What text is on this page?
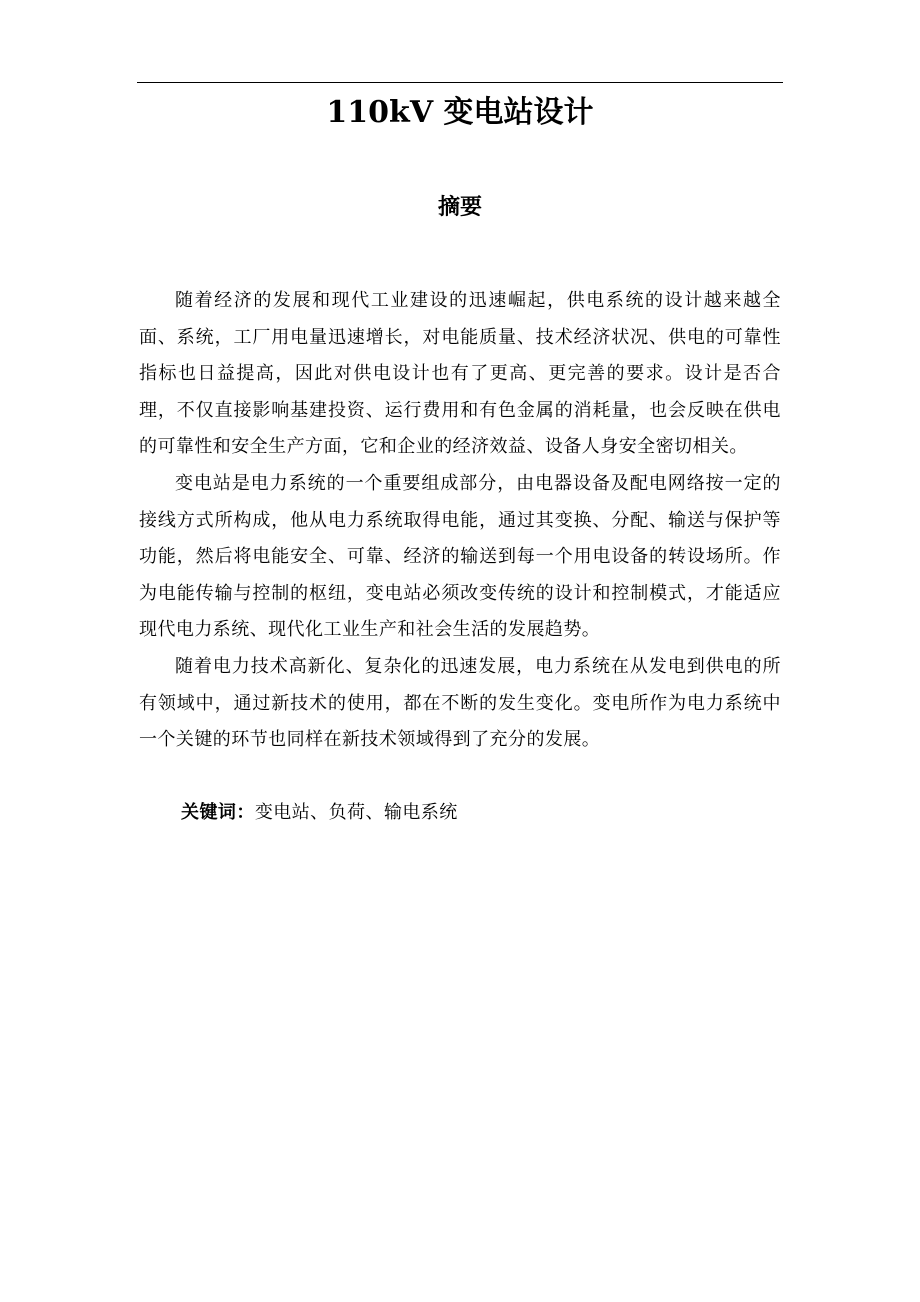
110kV 变电站设计
摘要

随着经济的发展和现代工业建设的迅速崛起，供电系统的设计越来越全面、系统，工厂用电量迅速增长，对电能质量、技术经济状况、供电的可靠性指标也日益提高，因此对供电设计也有了更高、更完善的要求。设计是否合理，不仅直接影响基建投资、运行费用和有色金属的消耗量，也会反映在供电的可靠性和安全生产方面，它和企业的经济效益、设备人身安全密切相关。

变电站是电力系统的一个重要组成部分，由电器设备及配电网络按一定的接线方式所构成，他从电力系统取得电能，通过其变换、分配、输送与保护等功能，然后将电能安全、可靠、经济的输送到每一个用电设备的转设场所。作为电能传输与控制的枢纽，变电站必须改变传统的设计和控制模式，才能适应现代电力系统、现代化工业生产和社会生活的发展趋势。

随着电力技术高新化、复杂化的迅速发展，电力系统在从发电到供电的所有领域中，通过新技术的使用，都在不断的发生变化。变电所作为电力系统中一个关键的环节也同样在新技术领域得到了充分的发展。

关键词：变电站、负荷、输电系统
